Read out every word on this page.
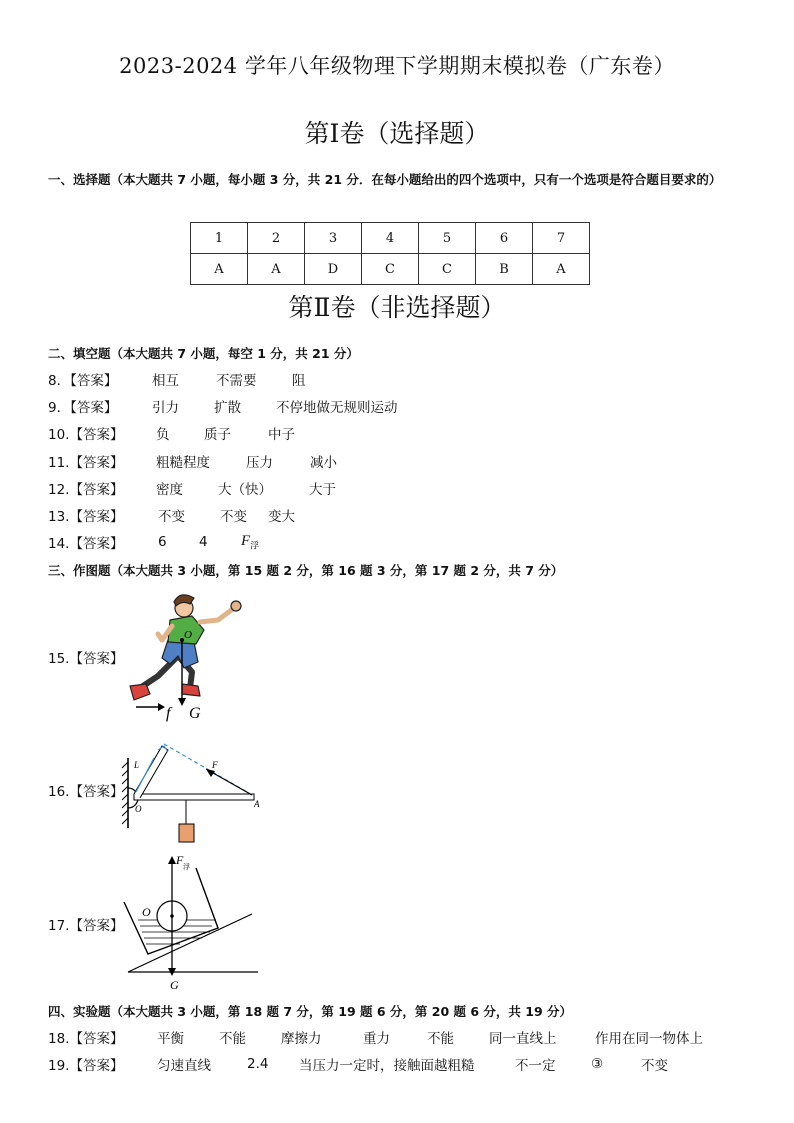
2023-2024 学年八年级物理下学期期末模拟卷（广东卷）
第Ⅰ卷（选择题）
一、选择题（本大题共 7 小题，每小题 3 分，共 21 分．在每小题给出的四个选项中，只有一个选项是符合题目要求的）
1	2	3	4	5	6	7
A	A	D	C	C	B	A
第Ⅱ卷（非选择题）
二、填空题（本大题共 7 小题，每空 1 分，共 21 分）
8．【答案】	相互	不需要	阻
9．【答案】	引力	扩散	不停地做无规则运动
10.【答案】	负	质子	中子
11.【答案】	粗糙程度	压力	减小
12.【答案】	密度	大（快）	大于
13.【答案】	不变	不变	变大
14.【答案】	6	4	$F_浮$
三、作图题（本大题共 3 小题，第 15 题 2 分，第 16 题 3 分，第 17 题 2 分，共 7 分）
15.【答案】
O
f G
16.【答案】
L	F
O	A
17.【答案】
F 浮
O
G
四、实验题（本大题共 3 小题，第 18 题 7 分，第 19 题 6 分，第 20 题 6 分，共 19 分）
18.【答案】	平衡	不能	摩擦力	重力	不能	同一直线上	作用在同一物体上
19.【答案】	匀速直线	2.4	当压力一定时，接触面越粗糙	不一定	③	不变
